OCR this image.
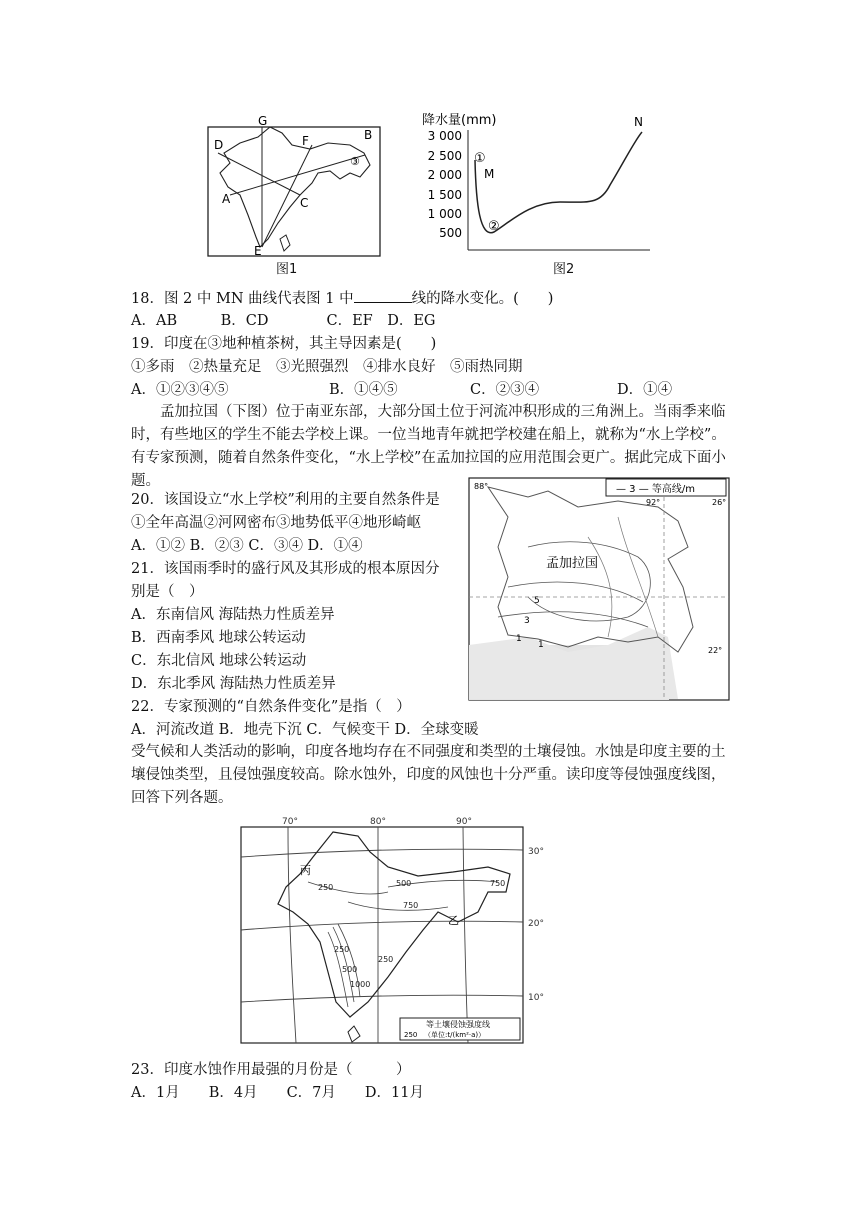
G
F	B
D
A	C
E
③
图1
降水量(mm)
3 000
2 500
2 000
1 500
1 000
500
①
M
②
N
图2
18．图 2 中 MN 曲线代表图 1 中	线的降水变化。(　　)
A．AB　　　B．CD　　　　C．EF　D．EG
19．印度在③地种植茶树，其主导因素是(　　)
①多雨　②热量充足　③光照强烈　④排水良好　⑤雨热同期
A．①②③④⑤	B．①④⑤	C．②③④	D．①④
孟加拉国（下图）位于南亚东部，大部分国土位于河流冲积形成的三角洲上。当雨季来临时，有些地区的学生不能去学校上课。一位当地青年就把学校建在船上，就称为“水上学校”。有专家预测，随着自然条件变化，“水上学校”在孟加拉国的应用范围会更广。据此完成下面小题。
— 3 — 等高线/m
88°
92°	26°
22°
孟加拉国
5
3
1
1
20．该国设立“水上学校”利用的主要自然条件是
①全年高温②河网密布③地势低平④地形崎岖
A．①② B．②③ C．③④ D．①④
21．该国雨季时的盛行风及其形成的根本原因分
别是（　）
A．东南信风 海陆热力性质差异
B．西南季风 地球公转运动
C．东北信风 地球公转运动
D．东北季风 海陆热力性质差异
22．专家预测的“自然条件变化”是指（　）
A．河流改道 B．地壳下沉 C．气候变干 D．全球变暖
受气候和人类活动的影响，印度各地均存在不同强度和类型的土壤侵蚀。水蚀是印度主要的土壤侵蚀类型，且侵蚀强度较高。除水蚀外，印度的风蚀也十分严重。读印度等侵蚀强度线图，回答下列各题。
70°	80°	90°
30°
20°
10°
丙
乙
250	500	750
750
250
500
1000
250
等土壤侵蚀强度线
（单位:t/(km²·a)）
250
23．印度水蚀作用最强的月份是（　　　）
A．1月　　B．4月　　C．7月　　D．11月
